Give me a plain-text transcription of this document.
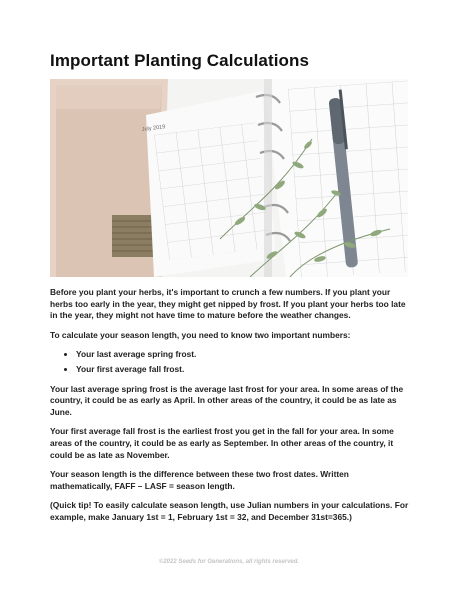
Important Planting Calculations
July 2019

Before you plant your herbs, it's important to crunch a few numbers. If you plant your herbs too early in the year, they might get nipped by frost. If you plant your herbs too late in the year, they might not have time to mature before the weather changes.

To calculate your season length, you need to know two important numbers:

• Your last average spring frost.
• Your first average fall frost.

Your last average spring frost is the average last frost for your area. In some areas of the country, it could be as early as April. In other areas of the country, it could be as late as June.

Your first average fall frost is the earliest frost you get in the fall for your area. In some areas of the country, it could be as early as September. In other areas of the country, it could be as late as November.

Your season length is the difference between these two frost dates. Written mathematically, FAFF – LASF = season length.

(Quick tip! To easily calculate season length, use Julian numbers in your calculations. For example, make January 1st = 1, February 1st = 32, and December 31st=365.)

©2022 Seeds for Generations, all rights reserved.
